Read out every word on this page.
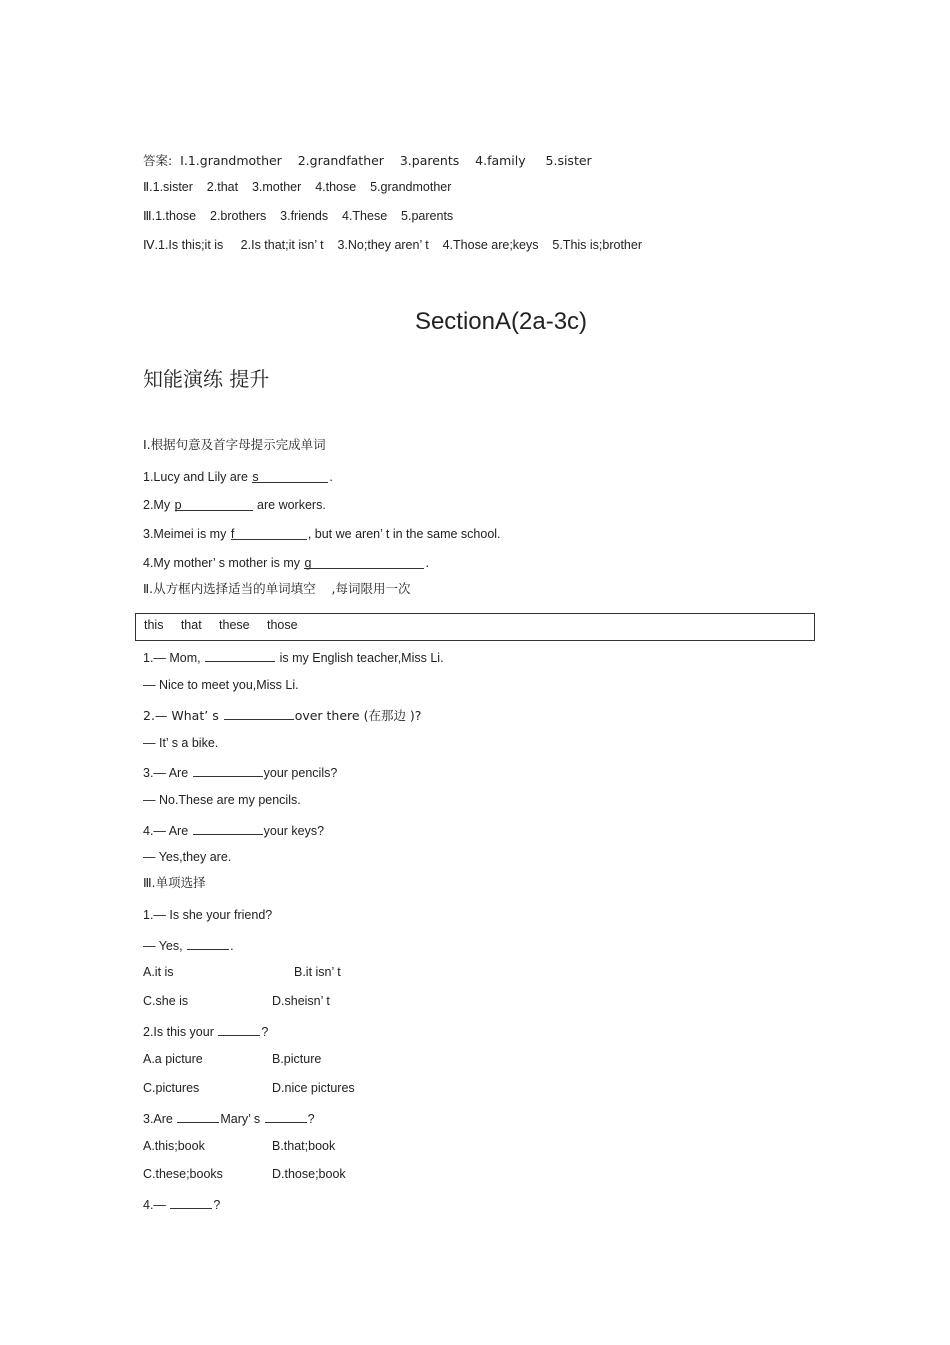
答案: Ⅰ.1.grandmother    2.grandfather    3.parents    4.family     5.sister
Ⅱ.1.sister    2.that    3.mother    4.those    5.grandmother
Ⅲ.1.those    2.brothers    3.friends    4.These    5.parents
Ⅳ.1.Is this;it is     2.Is that;it isn’ t    3.No;they aren’ t    4.Those are;keys    5.This is;brother
SectionA(2a-3c)
知能演练 提升
Ⅰ.根据句意及首字母提示完成单词
1.Lucy and Lily are s	.
2.My p	are workers.
3.Meimei is my f	, but we aren’ t in the same school.
4.My mother’ s mother is my g	.
Ⅱ.从方框内选择适当的单词填空    ,每词限用一次
this     that     these     those
1.— Mom,	is my English teacher,Miss Li.
— Nice to meet you,Miss Li.
2.— What’ s	over there (在那边 )?
— It’ s a bike.
3.— Are	your pencils?
— No.These are my pencils.
4.— Are	your keys?
— Yes,they are.
Ⅲ.单项选择
1.— Is she your friend?
— Yes,	.
A.it is	B.it isn’ t
C.she is	D.sheisn’ t
2.Is this your	?
A.a picture	B.picture
C.pictures	D.nice pictures
3.Are	Mary’ s	?
A.this;book	B.that;book
C.these;books	D.those;book
4.—	?
